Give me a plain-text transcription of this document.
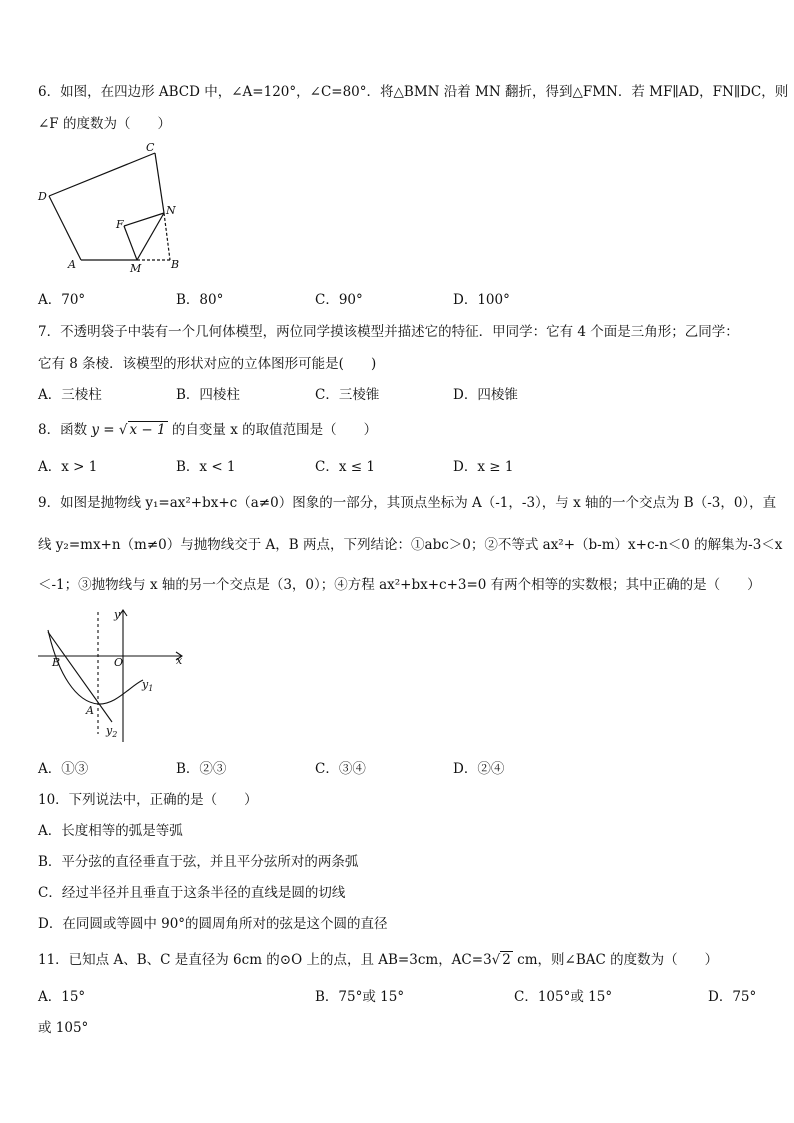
6．如图，在四边形 ABCD 中，∠A=120°，∠C=80°．将△BMN 沿着 MN 翻折，得到△FMN．若 MF∥AD，FN∥DC，则
∠F 的度数为（　　）
C
D
A	M	B
N
F
A．70°	B．80°	C．90°	D．100°
7．不透明袋子中装有一个几何体模型，两位同学摸该模型并描述它的特征．甲同学：它有 4 个面是三角形；乙同学：
它有 8 条棱．该模型的形状对应的立体图形可能是(　　)
A．三棱柱	B．四棱柱	C．三棱锥	D．四棱锥
8．函数 y = √ x − 1 的自变量 x 的取值范围是（　　）
A．x > 1	B．x < 1	C．x ≤ 1	D．x ≥ 1
9．如图是抛物线 y₁=ax²+bx+c（a≠0）图象的一部分，其顶点坐标为 A（-1，-3），与 x 轴的一个交点为 B（-3，0），直
线 y₂=mx+n（m≠0）与抛物线交于 A，B 两点，下列结论：①abc＞0；②不等式 ax²+（b-m）x+c-n＜0 的解集为-3＜x
＜-1；③抛物线与 x 轴的另一个交点是（3，0）；④方程 ax²+bx+c+3=0 有两个相等的实数根；其中正确的是（　　）
y
x
O
B
A
$y_1$
$y_2$
A．①③	B．②③	C．③④	D．②④
10．下列说法中，正确的是（　　）
A．长度相等的弧是等弧
B．平分弦的直径垂直于弦，并且平分弦所对的两条弧
C．经过半径并且垂直于这条半径的直线是圆的切线
D．在同圆或等圆中 90°的圆周角所对的弦是这个圆的直径
11．已知点 A、B、C 是直径为 6cm 的⊙O 上的点，且 AB=3cm，AC=3√ 2 cm，则∠BAC 的度数为（　　）
A．15°	B．75°或 15°	C．105°或 15°	D．75°
或 105°
